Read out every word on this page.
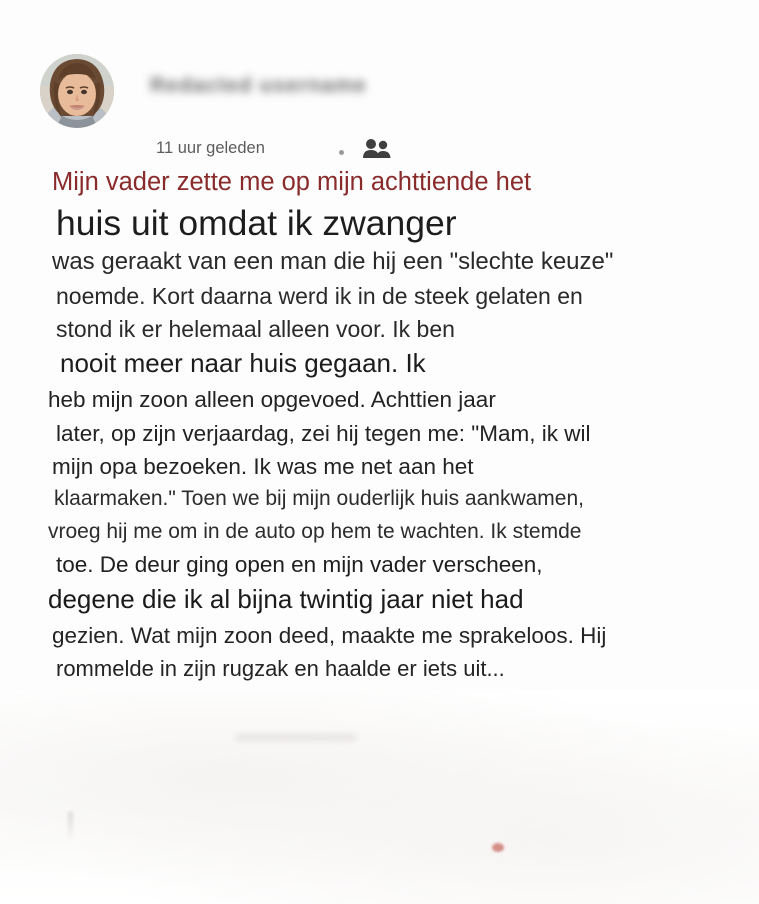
Redacted username
11 uur geleden
Mijn vader zette me op mijn achttiende het
huis uit omdat ik zwanger
was geraakt van een man die hij een "slechte keuze"
noemde. Kort daarna werd ik in de steek gelaten en
stond ik er helemaal alleen voor. Ik ben
nooit meer naar huis gegaan. Ik
heb mijn zoon alleen opgevoed. Achttien jaar
later, op zijn verjaardag, zei hij tegen me: "Mam, ik wil
mijn opa bezoeken. Ik was me net aan het
klaarmaken." Toen we bij mijn ouderlijk huis aankwamen,
vroeg hij me om in de auto op hem te wachten. Ik stemde
toe. De deur ging open en mijn vader verscheen,
degene die ik al bijna twintig jaar niet had
gezien. Wat mijn zoon deed, maakte me sprakeloos. Hij
rommelde in zijn rugzak en haalde er iets uit...
